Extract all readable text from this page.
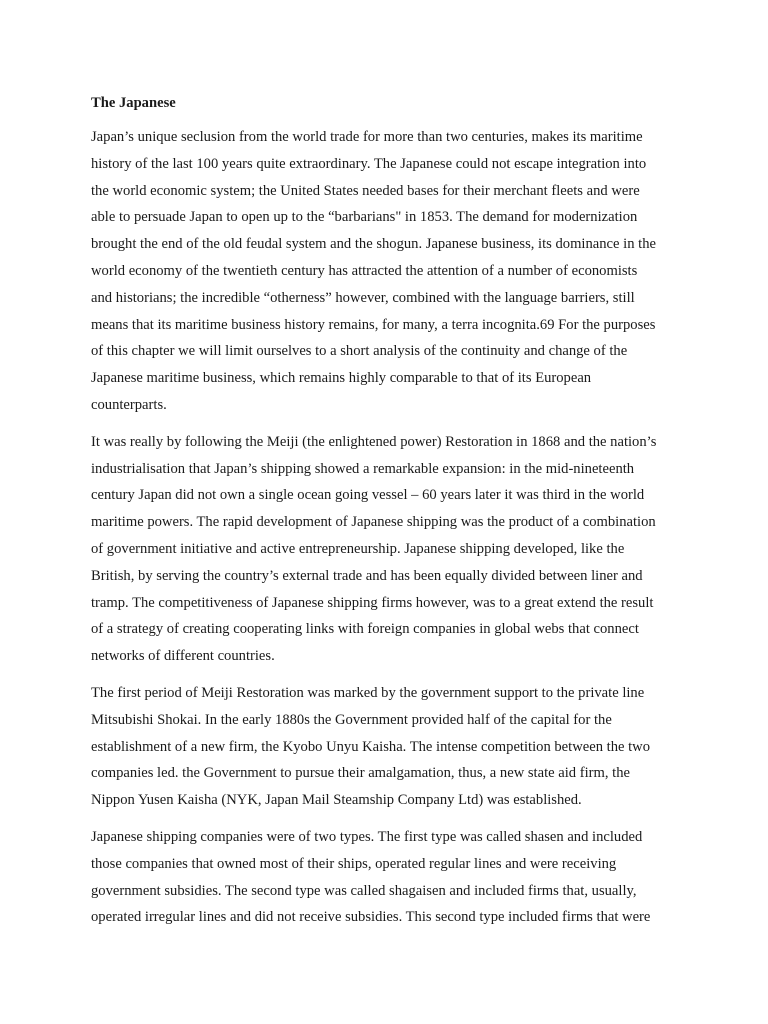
The Japanese
Japan’s unique seclusion from the world trade for more than two centuries, makes its maritime
history of the last 100 years quite extraordinary. The Japanese could not escape integration into
the world economic system; the United States needed bases for their merchant fleets and were
able to persuade Japan to open up to the “barbarians" in 1853. The demand for modernization
brought the end of the old feudal system and the shogun. Japanese business, its dominance in the
world economy of the twentieth century has attracted the attention of a number of economists
and historians; the incredible “otherness” however, combined with the language barriers, still
means that its maritime business history remains, for many, a terra incognita.69 For the purposes
of this chapter we will limit ourselves to a short analysis of the continuity and change of the
Japanese maritime business, which remains highly comparable to that of its European
counterparts.
It was really by following the Meiji (the enlightened power) Restoration in 1868 and the nation’s
industrialisation that Japan’s shipping showed a remarkable expansion: in the mid-nineteenth
century Japan did not own a single ocean going vessel – 60 years later it was third in the world
maritime powers. The rapid development of Japanese shipping was the product of a combination
of government initiative and active entrepreneurship. Japanese shipping developed, like the
British, by serving the country’s external trade and has been equally divided between liner and
tramp. The competitiveness of Japanese shipping firms however, was to a great extend the result
of a strategy of creating cooperating links with foreign companies in global webs that connect
networks of different countries.
The first period of Meiji Restoration was marked by the government support to the private line
Mitsubishi Shokai. In the early 1880s the Government provided half of the capital for the
establishment of a new firm, the Kyobo Unyu Kaisha. The intense competition between the two
companies led. the Government to pursue their amalgamation, thus, a new state aid firm, the
Nippon Yusen Kaisha (NYK, Japan Mail Steamship Company Ltd) was established.
Japanese shipping companies were of two types. The first type was called shasen and included
those companies that owned most of their ships, operated regular lines and were receiving
government subsidies. The second type was called shagaisen and included firms that, usually,
operated irregular lines and did not receive subsidies. This second type included firms that were
